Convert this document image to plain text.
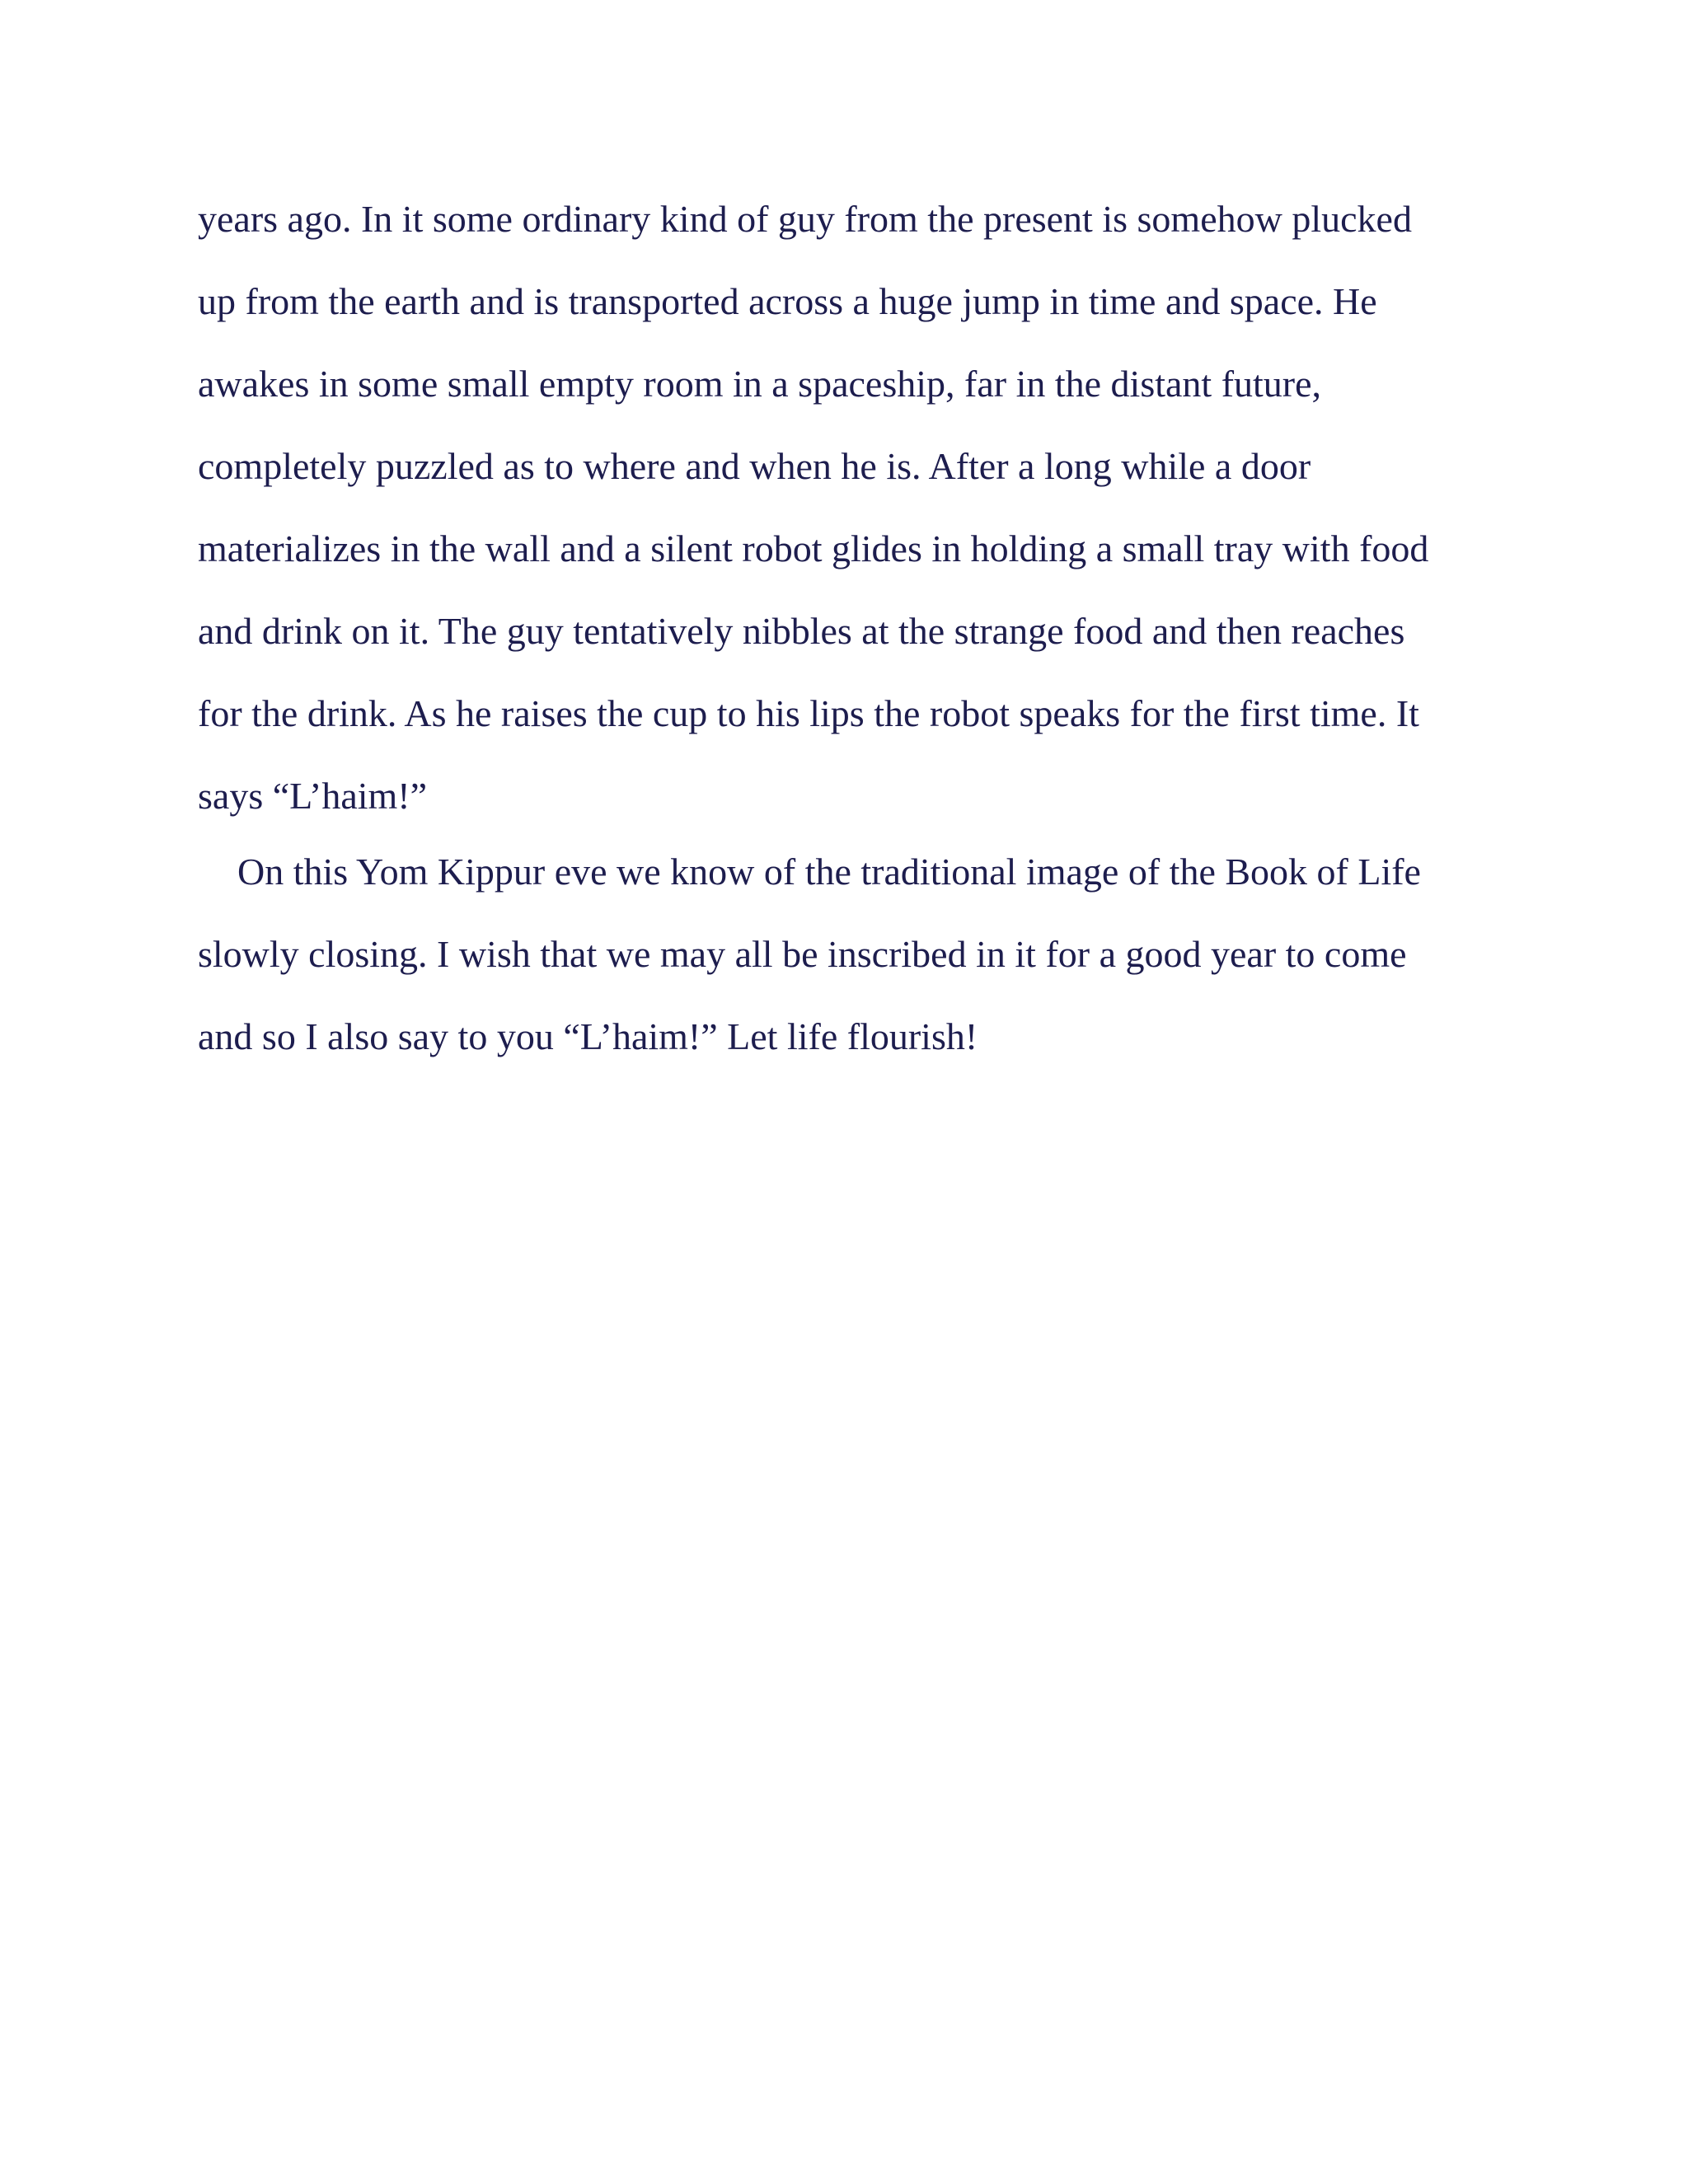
years ago. In it some ordinary kind of guy from the present is somehow plucked
up from the earth and is transported across a huge jump in time and space. He
awakes in some small empty room in a spaceship, far in the distant future,
completely puzzled as to where and when he is. After a long while a door
materializes in the wall and a silent robot glides in holding a small tray with food
and drink on it. The guy tentatively nibbles at the strange food and then reaches
for the drink. As he raises the cup to his lips the robot speaks for the first time. It
says “L’haim!”
On this Yom Kippur eve we know of the traditional image of the Book of Life
slowly closing. I wish that we may all be inscribed in it for a good year to come
and so I also say to you “L’haim!” Let life flourish!
